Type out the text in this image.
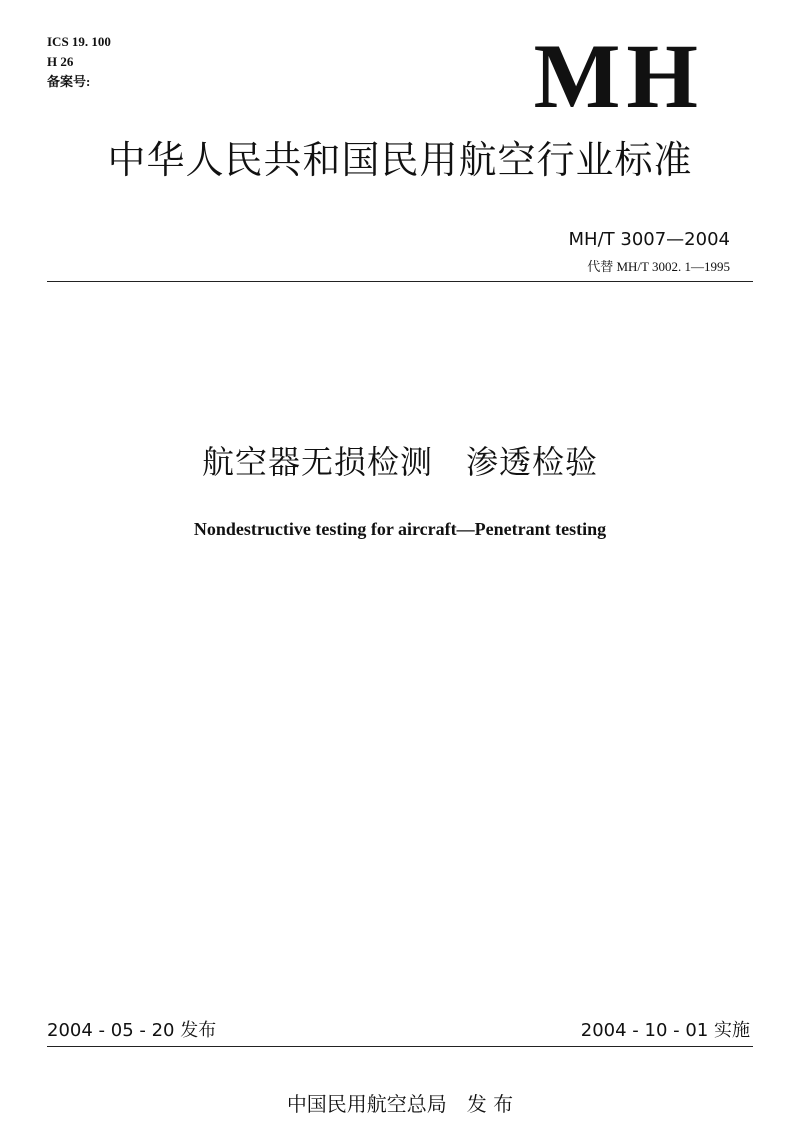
ICS 19. 100
H 26
备案号:	MH
中华人民共和国民用航空行业标准
MH/T 3007—2004
代替 MH/T 3002. 1—1995
航空器无损检测　渗透检验
Nondestructive testing for aircraft—Penetrant testing
2004 - 05 - 20 发布	2004 - 10 - 01 实施
中国民用航空总局　发 布
